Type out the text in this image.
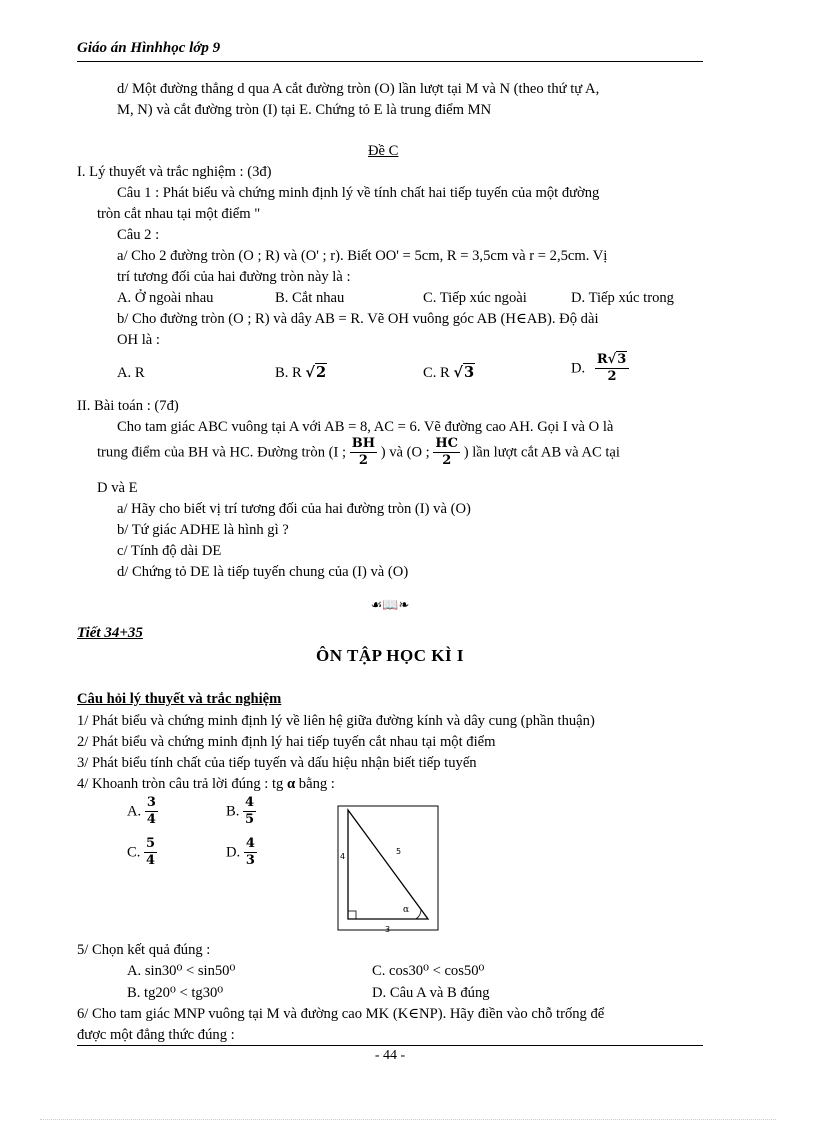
Giáo án Hìnhhọc lớp 9
d/ Một đường thẳng d qua A cắt đường tròn (O) lần lượt tại M và N (theo thứ tự A,
M, N) và cắt đường tròn (I) tại E. Chứng tỏ E là trung điểm MN
Đề C
I. Lý thuyết và trắc nghiệm : (3đ)
Câu 1 : Phát biểu và chứng minh định lý về tính chất hai tiếp tuyến của một đường
tròn cắt nhau tại một điểm "
Câu 2 :
a/ Cho 2 đường tròn (O ; R) và (O' ; r). Biết OO' = 5cm, R = 3,5cm và r = 2,5cm. Vị
trí tương đối của hai đường tròn này là :
A. Ở ngoài nhau	B. Cắt nhau	C. Tiếp xúc ngoài	D. Tiếp xúc trong
b/ Cho đường tròn (O ; R) và dây AB = R. Vẽ OH vuông góc AB (H∈AB). Độ dài
OH là :
A. R	B. R √2	C. R √3	D. $\frac{R√3}{2}$
II. Bài toán : (7đ)
Cho tam giác ABC vuông tại A với AB = 8, AC = 6. Vẽ đường cao AH. Gọi I và O là
trung điểm của BH và HC. Đường tròn (I ; $\frac{BH}{2}$ ) và (O ; $\frac{HC}{2}$ ) lần lượt cắt AB và AC tại
D và E
a/ Hãy cho biết vị trí tương đối của hai đường tròn (I) và (O)
b/ Tứ giác ADHE là hình gì ?
c/ Tính độ dài DE
d/ Chứng tỏ DE là tiếp tuyến chung của (I) và (O)
☙📖❧
Tiết 34+35
ÔN TẬP HỌC KÌ I
Câu hỏi lý thuyết và trắc nghiệm
1/ Phát biểu và chứng minh định lý về liên hệ giữa đường kính và dây cung (phần thuận)
2/ Phát biểu và chứng minh định lý hai tiếp tuyến cắt nhau tại một điểm
3/ Phát biểu tính chất của tiếp tuyến và dấu hiệu nhận biết tiếp tuyến
4/ Khoanh tròn câu trả lời đúng : tg α bằng :
A. $\frac{3}{4}$	B. $\frac{4}{5}$
C. $\frac{5}{4}$	D. $\frac{4}{3}$	4
5
3
α
5/ Chọn kết quả đúng :
A. sin30⁰ < sin50⁰	C. cos30⁰ < cos50⁰
B. tg20⁰ < tg30⁰	D. Câu A và B đúng
6/ Cho tam giác MNP vuông tại M và đường cao MK (K∈NP). Hãy điền vào chỗ trống để
được một đẳng thức đúng :
- 44 -
